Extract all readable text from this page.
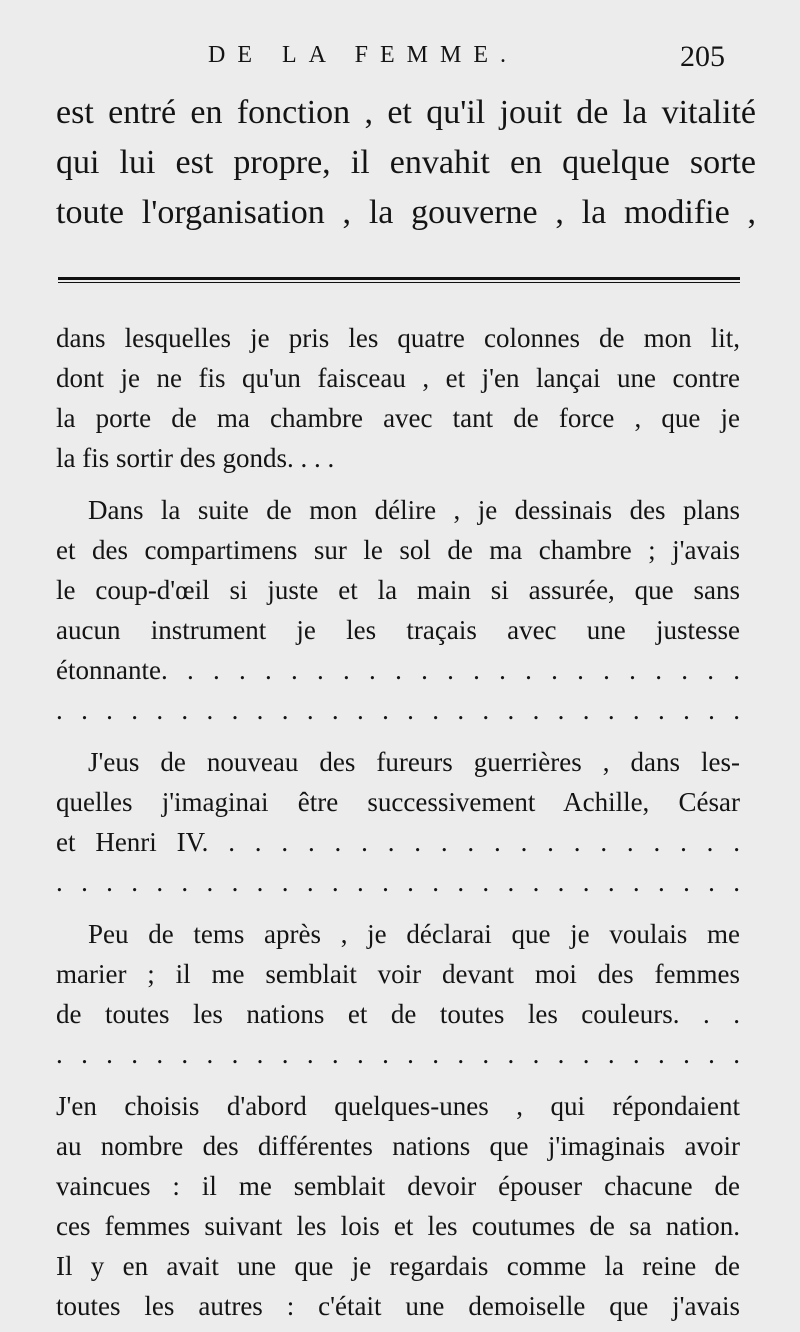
DE LA FEMME.	205
est entré en fonction , et qu'il jouit de la vitalité
qui lui est propre, il envahit en quelque sorte
toute l'organisation , la gouverne , la modifie ,
dans lesquelles je pris les quatre colonnes de mon lit,
dont je ne fis qu'un faisceau , et j'en lançai une contre
la porte de ma chambre avec tant de force , que je
la fis sortir des gonds. . . .
Dans la suite de mon délire , je dessinais des plans
et des compartimens sur le sol de ma chambre ; j'avais
le coup-d'œil si juste et la main si assurée, que sans
aucun instrument je les traçais avec une justesse
étonnante. . . . . . . . . . . . . . . . . . . . . . .
. . . . . . . . . . . . . . . . . . . . . . . . . . . .
J'eus de nouveau des fureurs guerrières , dans les-
quelles j'imaginai être successivement Achille, César
et Henri IV. . . . . . . . . . . . . . . . . . . . .
. . . . . . . . . . . . . . . . . . . . . . . . . . . .
Peu de tems après , je déclarai que je voulais me
marier ; il me semblait voir devant moi des femmes
de toutes les nations et de toutes les couleurs. . .
. . . . . . . . . . . . . . . . . . . . . . . . . . . .
J'en choisis d'abord quelques-unes , qui répondaient
au nombre des différentes nations que j'imaginais avoir
vaincues : il me semblait devoir épouser chacune de
ces femmes suivant les lois et les coutumes de sa nation.
Il y en avait une que je regardais comme la reine de
toutes les autres : c'était une demoiselle que j'avais
